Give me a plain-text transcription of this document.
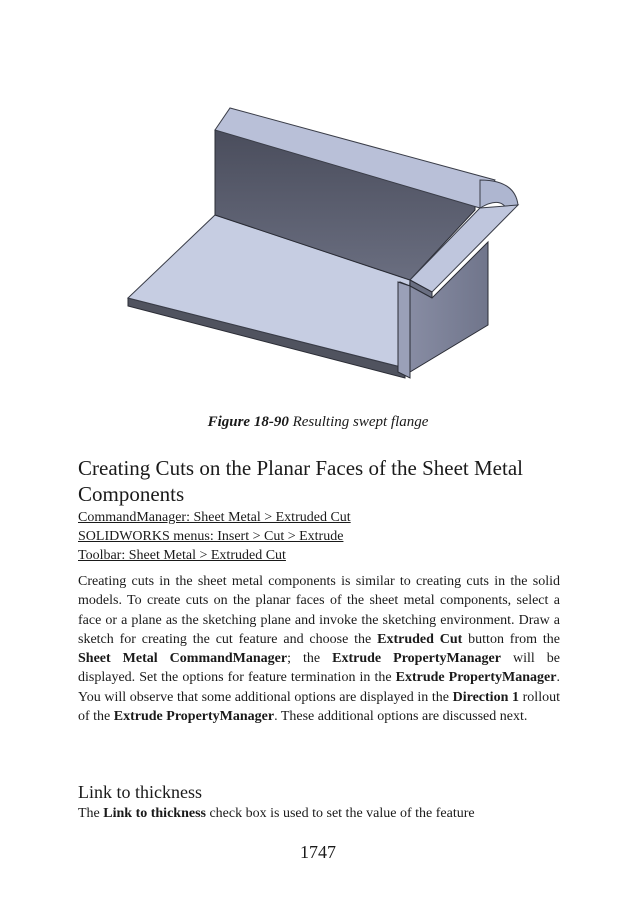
Figure 18-90 Resulting swept flange
Creating Cuts on the Planar Faces of the Sheet Metal Components
CommandManager: Sheet Metal > Extruded Cut
SOLIDWORKS menus: Insert > Cut > Extrude
Toolbar: Sheet Metal > Extruded Cut

Creating cuts in the sheet metal components is similar to creating cuts in the solid models. To create cuts on the planar faces of the sheet metal components, select a face or a plane as the sketching plane and invoke the sketching environment. Draw a sketch for creating the cut feature and choose the Extruded Cut button from the Sheet Metal CommandManager; the Extrude PropertyManager will be displayed. Set the options for feature termination in the Extrude PropertyManager. You will observe that some additional options are displayed in the Direction 1 rollout of the Extrude PropertyManager. These additional options are discussed next.

Link to thickness

The Link to thickness check box is used to set the value of the feature

1747
